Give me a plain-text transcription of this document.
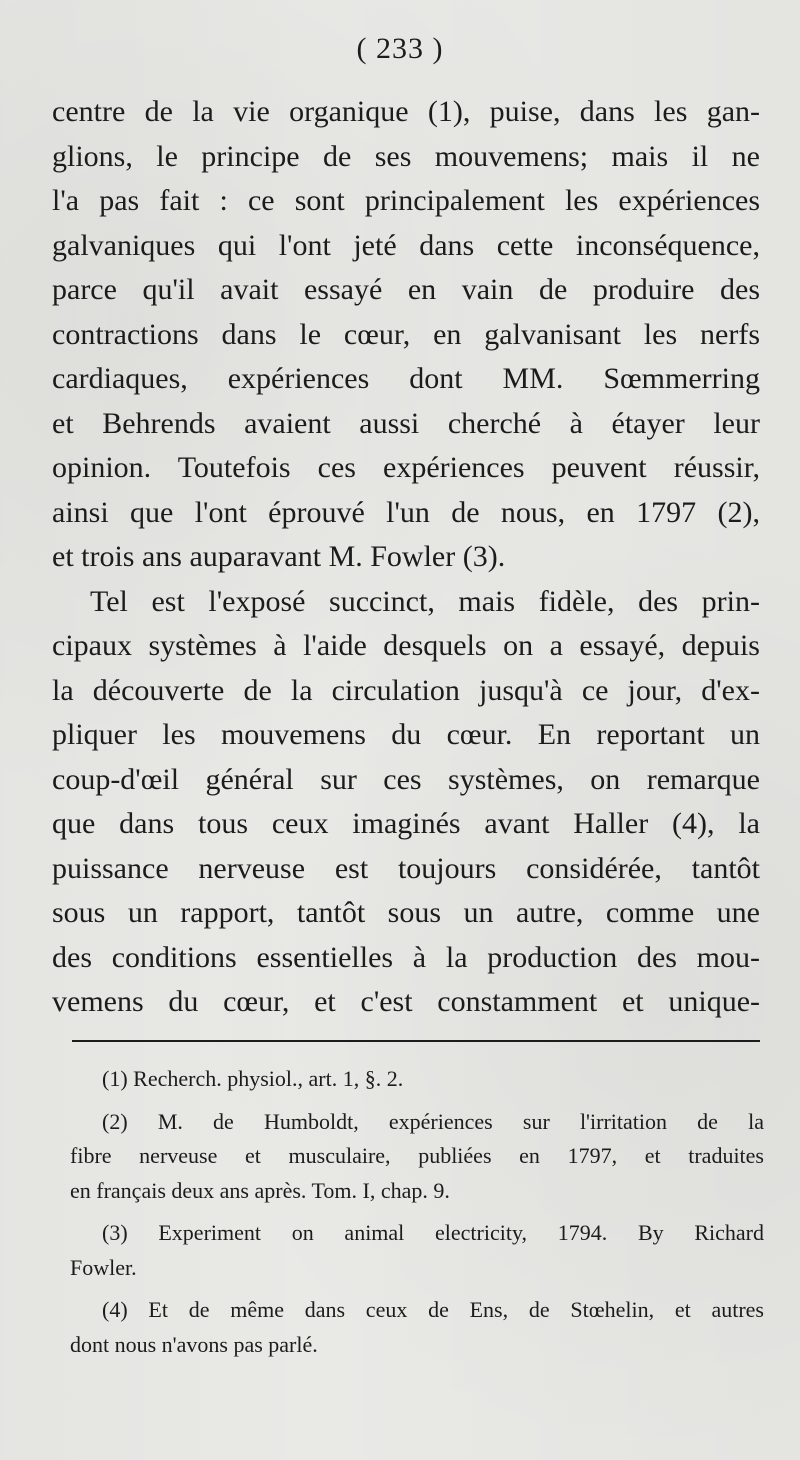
( 233 )
centre de la vie organique (1), puise, dans les gan-
glions, le principe de ses mouvemens; mais il ne
l'a pas fait : ce sont principalement les expériences
galvaniques qui l'ont jeté dans cette inconséquence,
parce qu'il avait essayé en vain de produire des
contractions dans le cœur, en galvanisant les nerfs
cardiaques, expériences dont MM. Sœmmerring
et Behrends avaient aussi cherché à étayer leur
opinion. Toutefois ces expériences peuvent réussir,
ainsi que l'ont éprouvé l'un de nous, en 1797 (2),
et trois ans auparavant M. Fowler (3).
Tel est l'exposé succinct, mais fidèle, des prin-
cipaux systèmes à l'aide desquels on a essayé, depuis
la découverte de la circulation jusqu'à ce jour, d'ex-
pliquer les mouvemens du cœur. En reportant un
coup-d'œil général sur ces systèmes, on remarque
que dans tous ceux imaginés avant Haller (4), la
puissance nerveuse est toujours considérée, tantôt
sous un rapport, tantôt sous un autre, comme une
des conditions essentielles à la production des mou-
vemens du cœur, et c'est constamment et unique-
(1) Recherch. physiol., art. 1, §. 2.
(2) M. de Humboldt, expériences sur l'irritation de la
fibre nerveuse et musculaire, publiées en 1797, et traduites
en français deux ans après. Tom. I, chap. 9.
(3) Experiment on animal electricity, 1794. By Richard
Fowler.
(4) Et de même dans ceux de Ens, de Stœhelin, et autres
dont nous n'avons pas parlé.
